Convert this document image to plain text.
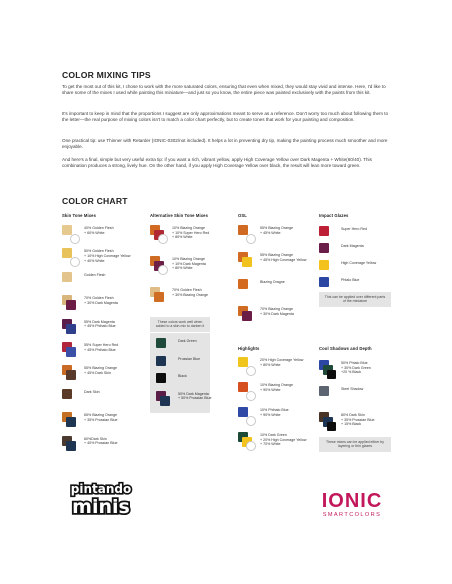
COLOR MIXING TIPS

To get the most out of this kit, I chose to work with the more saturated colors, ensuring that even when mixed, they would stay vivid and intense. Here, I'd like to share some of the mixes I used while painting this miniature—and just so you know, the entire piece was painted exclusively with the paints from this kit.

It's important to keep in mind that the proportions I suggest are only approximations meant to serve as a reference. Don't worry too much about following them to the letter—the real purpose of mixing colors isn't to match a color chart perfectly, but to create tones that work for your painting and composition.

One practical tip: use Thinner with Retarder (IONIC-0302/not included). It helps a lot in preventing dry tip, making the painting process much smoother and more enjoyable.

And here's a final, simple but very useful extra tip: if you want a rich, vibrant yellow, apply High Coverage Yellow over Dark Magenta + White(60/40). This combination produces a strong, lively hue. On the other hand, if you apply High Coverage Yellow over black, the result will lean more toward green.

COLOR CHART
Skin Tone Mixes	Alternative Skin Tone Mixes	OSL
Highlights
Impact Glazes
Cool Shadows and Depth
40% Golden Flesh
+ 60% White
50% Golden Flesh
+ 10% High Coverage Yellow
+ 40% White
Golden Flesh
70% Golden Flesh
+ 30% Dark Magenta
55% Dark Magenta
+ 45% Phthalo Blue
55% Super Hero Red
+ 45% Phthalo Blue
55% Blazing Orange
+ 45% Dark Skin
Dark Skin
65% Blazing Orange
+ 35% Prussian Blue
60%Dark Skin
+ 40% Prussian Blue
10% Blazing Orange
+ 10% Super Hero Red
+ 80% White
10% Blazing Orange
+ 10% Dark Magenta
+ 80% White
70% Golden Flesh
+ 30% Blazing Orange
These colors work well when added to a skin mix to darken it
Dark Green
Prussian Blue
Black
50% Dark Magenta
+ 50% Prussian Blue
55% Blazing Orange
+ 45% White
55% Blazing Orange
+ 45% High Coverage Yellow
Blazing Oragne
70% Blazing Orange
+ 30% Dark Magenta
20% High Coverage Yellow
+ 80% White
10% Blazing Orange
+ 90% White
10% Phthalo Blue
+ 90% White
10% Dark Green
+ 20% High Coverage Yellow
+ 70% White
Super Hero Red
Dark Magenta
High Coverage Yellow
Phtalo Blue
This can be applied over different parts of the miniature
50% Phtalo Blue
+ 30% Dark Green
+20 % Black
Steel Shadow
80% Dark Skin
+ 35% Prussian Blue
+ 15% Black
These mixes can be applied either by layering or thin glazes
pintando
minis	IONIC
SMARTCOLORS
